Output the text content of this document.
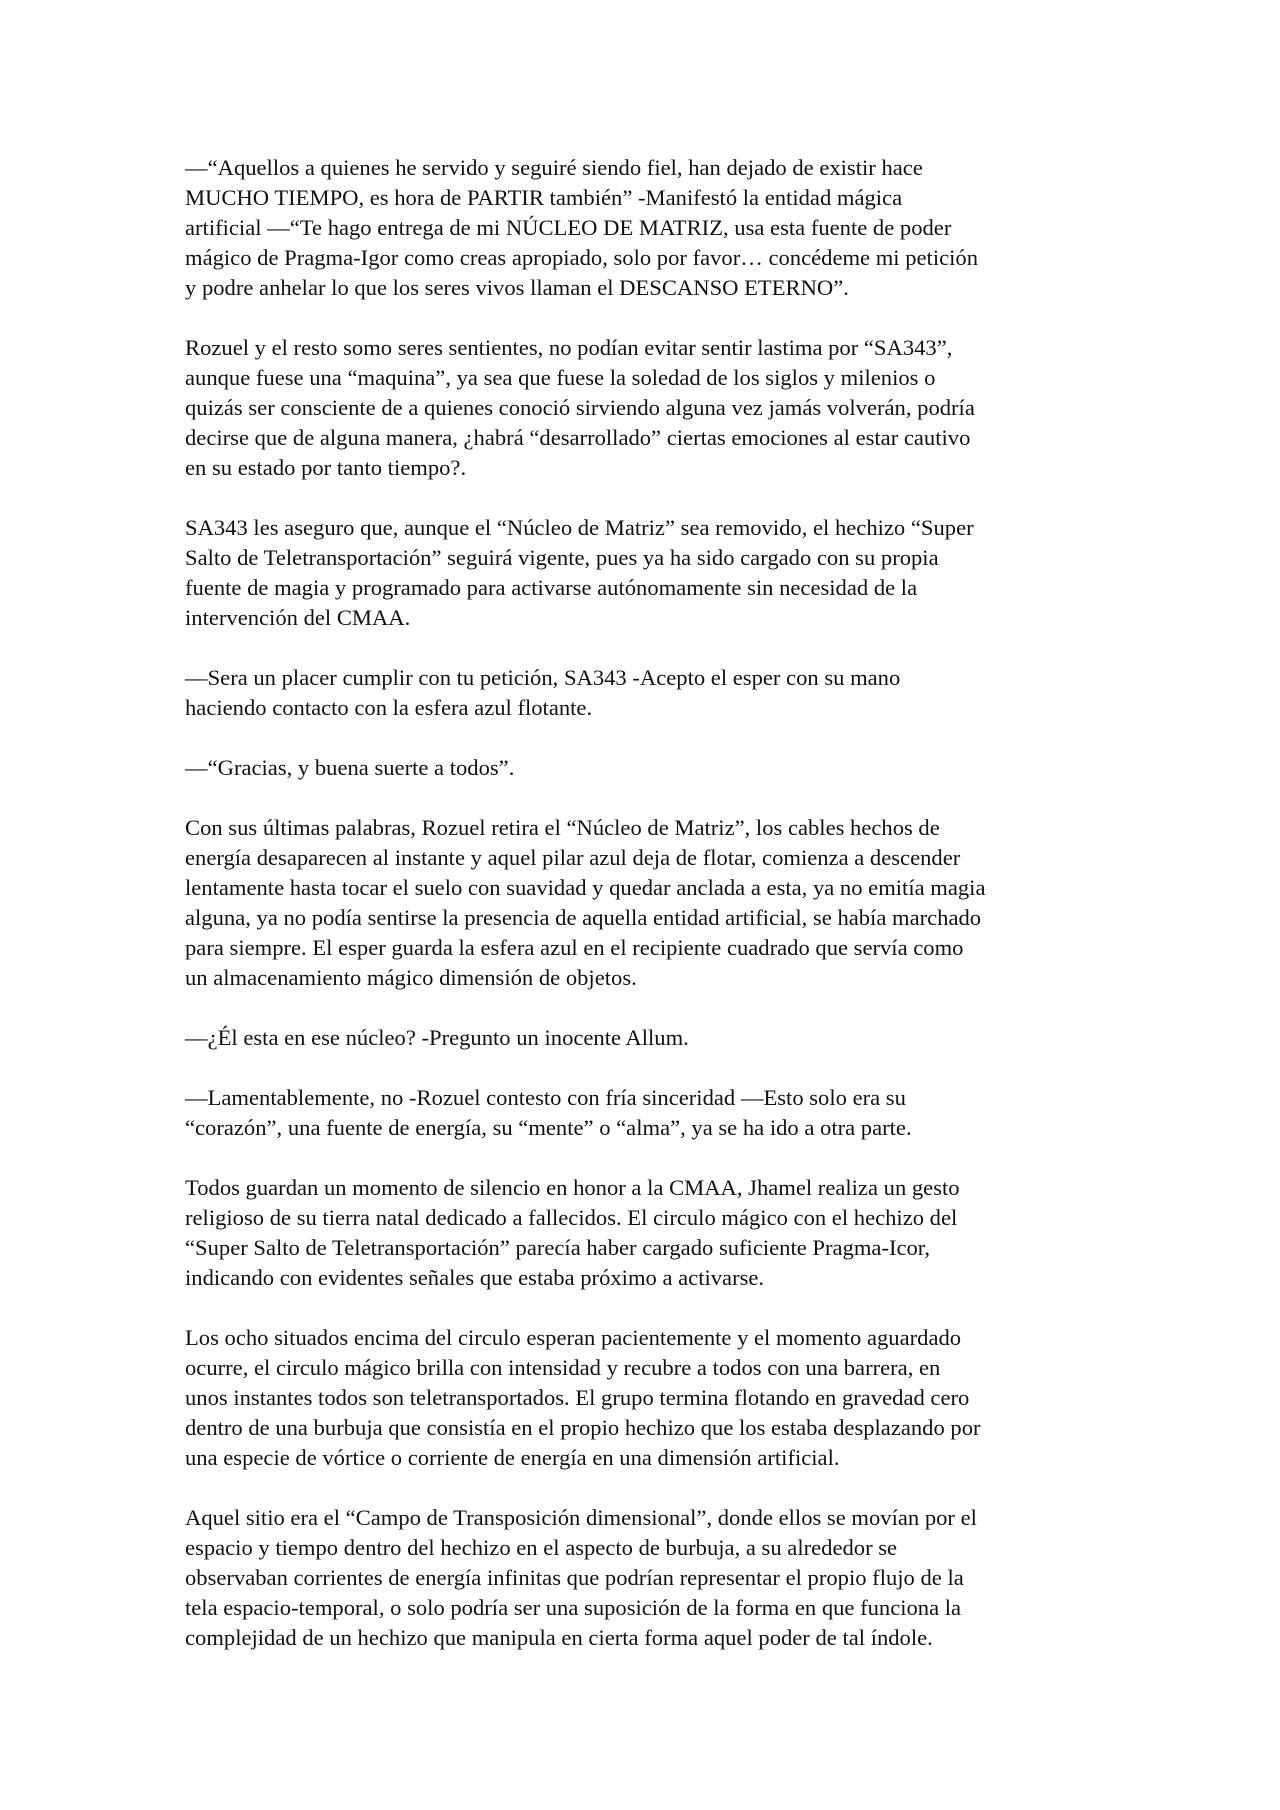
—“Aquellos a quienes he servido y seguiré siendo fiel, han dejado de existir hace
MUCHO TIEMPO, es hora de PARTIR también” -Manifestó la entidad mágica
artificial —“Te hago entrega de mi NÚCLEO DE MATRIZ, usa esta fuente de poder
mágico de Pragma-Igor como creas apropiado, solo por favor… concédeme mi petición
y podre anhelar lo que los seres vivos llaman el DESCANSO ETERNO”.

Rozuel y el resto somo seres sentientes, no podían evitar sentir lastima por “SA343”,
aunque fuese una “maquina”, ya sea que fuese la soledad de los siglos y milenios o
quizás ser consciente de a quienes conoció sirviendo alguna vez jamás volverán, podría
decirse que de alguna manera, ¿habrá “desarrollado” ciertas emociones al estar cautivo
en su estado por tanto tiempo?.

SA343 les aseguro que, aunque el “Núcleo de Matriz” sea removido, el hechizo “Super
Salto de Teletransportación” seguirá vigente, pues ya ha sido cargado con su propia
fuente de magia y programado para activarse autónomamente sin necesidad de la
intervención del CMAA.

—Sera un placer cumplir con tu petición, SA343 -Acepto el esper con su mano
haciendo contacto con la esfera azul flotante.

—“Gracias, y buena suerte a todos”.

Con sus últimas palabras, Rozuel retira el “Núcleo de Matriz”, los cables hechos de
energía desaparecen al instante y aquel pilar azul deja de flotar, comienza a descender
lentamente hasta tocar el suelo con suavidad y quedar anclada a esta, ya no emitía magia
alguna, ya no podía sentirse la presencia de aquella entidad artificial, se había marchado
para siempre. El esper guarda la esfera azul en el recipiente cuadrado que servía como
un almacenamiento mágico dimensión de objetos.

—¿Él esta en ese núcleo? -Pregunto un inocente Allum.

—Lamentablemente, no -Rozuel contesto con fría sinceridad —Esto solo era su
“corazón”, una fuente de energía, su “mente” o “alma”, ya se ha ido a otra parte.

Todos guardan un momento de silencio en honor a la CMAA, Jhamel realiza un gesto
religioso de su tierra natal dedicado a fallecidos. El circulo mágico con el hechizo del
“Super Salto de Teletransportación” parecía haber cargado suficiente Pragma-Icor,
indicando con evidentes señales que estaba próximo a activarse.

Los ocho situados encima del circulo esperan pacientemente y el momento aguardado
ocurre, el circulo mágico brilla con intensidad y recubre a todos con una barrera, en
unos instantes todos son teletransportados. El grupo termina flotando en gravedad cero
dentro de una burbuja que consistía en el propio hechizo que los estaba desplazando por
una especie de vórtice o corriente de energía en una dimensión artificial.

Aquel sitio era el “Campo de Transposición dimensional”, donde ellos se movían por el
espacio y tiempo dentro del hechizo en el aspecto de burbuja, a su alrededor se
observaban corrientes de energía infinitas que podrían representar el propio flujo de la
tela espacio-temporal, o solo podría ser una suposición de la forma en que funciona la
complejidad de un hechizo que manipula en cierta forma aquel poder de tal índole.
